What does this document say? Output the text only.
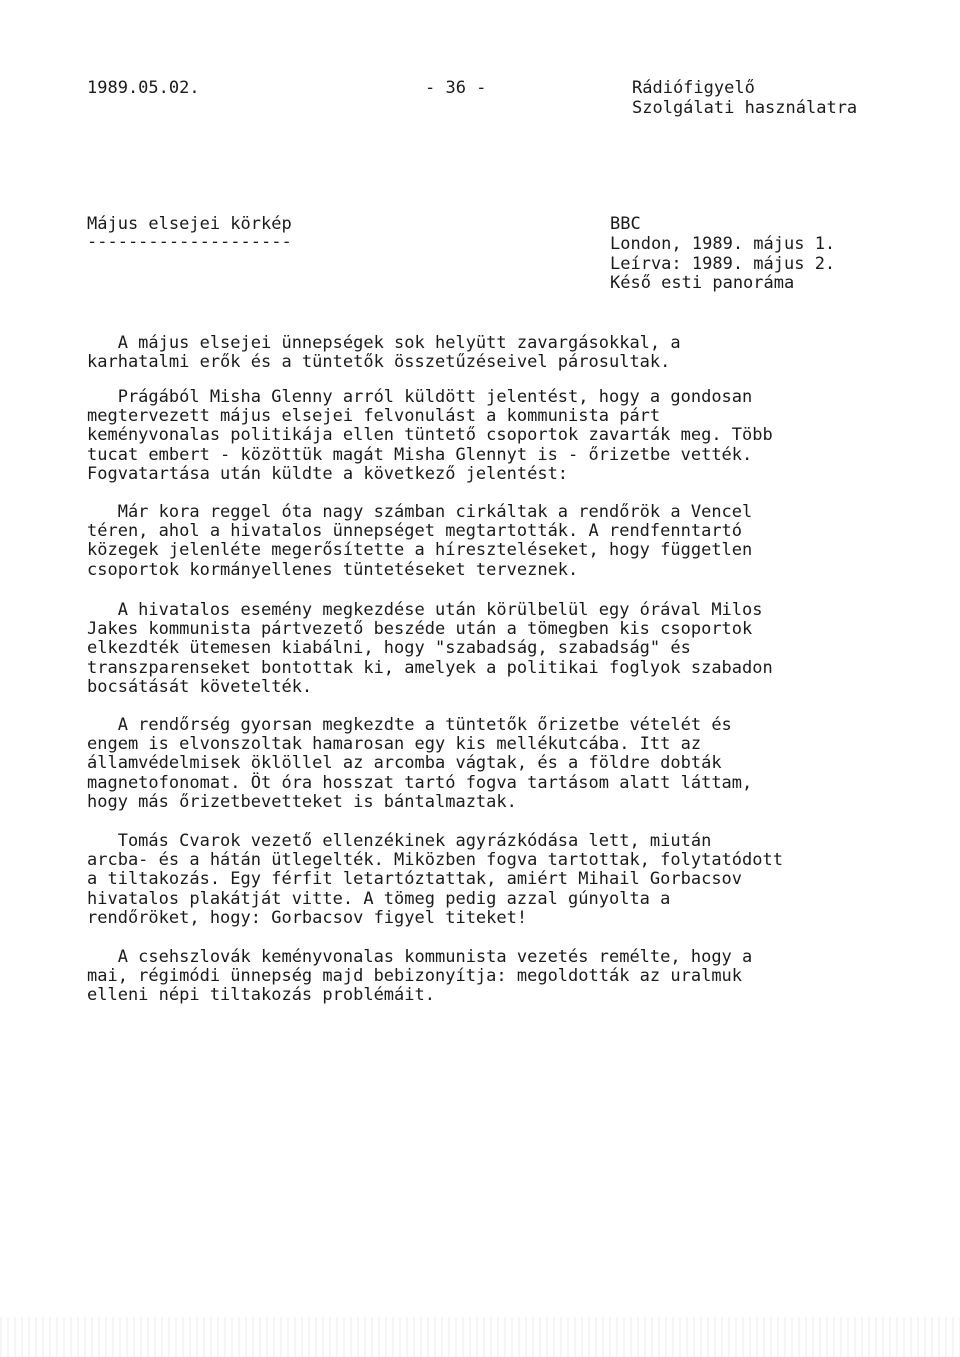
1989.05.02.	- 36 -	Rádiófigyelő
Szolgálati használatra
Május elsejei körkép
--------------------
BBC
London, 1989. május 1.
Leírva: 1989. május 2.
Késő esti panoráma
A május elsejei ünnepségek sok helyütt zavargásokkal, a
karhatalmi erők és a tüntetők összetűzéseivel párosultak.
Prágából Misha Glenny arról küldött jelentést, hogy a gondosan
megtervezett május elsejei felvonulást a kommunista párt
keményvonalas politikája ellen tüntető csoportok zavarták meg. Több
tucat embert - közöttük magát Misha Glennyt is - őrizetbe vették.
Fogvatartása után küldte a következő jelentést:
Már kora reggel óta nagy számban cirkáltak a rendőrök a Vencel
téren, ahol a hivatalos ünnepséget megtartották. A rendfenntartó
közegek jelenléte megerősítette a híreszteléseket, hogy független
csoportok kormányellenes tüntetéseket terveznek.
A hivatalos esemény megkezdése után körülbelül egy órával Milos
Jakes kommunista pártvezető beszéde után a tömegben kis csoportok
elkezdték ütemesen kiabálni, hogy "szabadság, szabadság" és
transzparenseket bontottak ki, amelyek a politikai foglyok szabadon
bocsátását követelték.
A rendőrség gyorsan megkezdte a tüntetők őrizetbe vételét és
engem is elvonszoltak hamarosan egy kis mellékutcába. Itt az
államvédelmisek öklöllel az arcomba vágtak, és a földre dobták
magnetofonomat. Öt óra hosszat tartó fogva tartásom alatt láttam,
hogy más őrizetbevetteket is bántalmaztak.
Tomás Cvarok vezető ellenzékinek agyrázkódása lett, miután
arcba- és a hátán ütlegelték. Miközben fogva tartottak, folytatódott
a tiltakozás. Egy férfit letartóztattak, amiért Mihail Gorbacsov
hivatalos plakátját vitte. A tömeg pedig azzal gúnyolta a
rendőröket, hogy: Gorbacsov figyel titeket!
A csehszlovák keményvonalas kommunista vezetés remélte, hogy a
mai, régimódi ünnepség majd bebizonyítja: megoldották az uralmuk
elleni népi tiltakozás problémáit.
